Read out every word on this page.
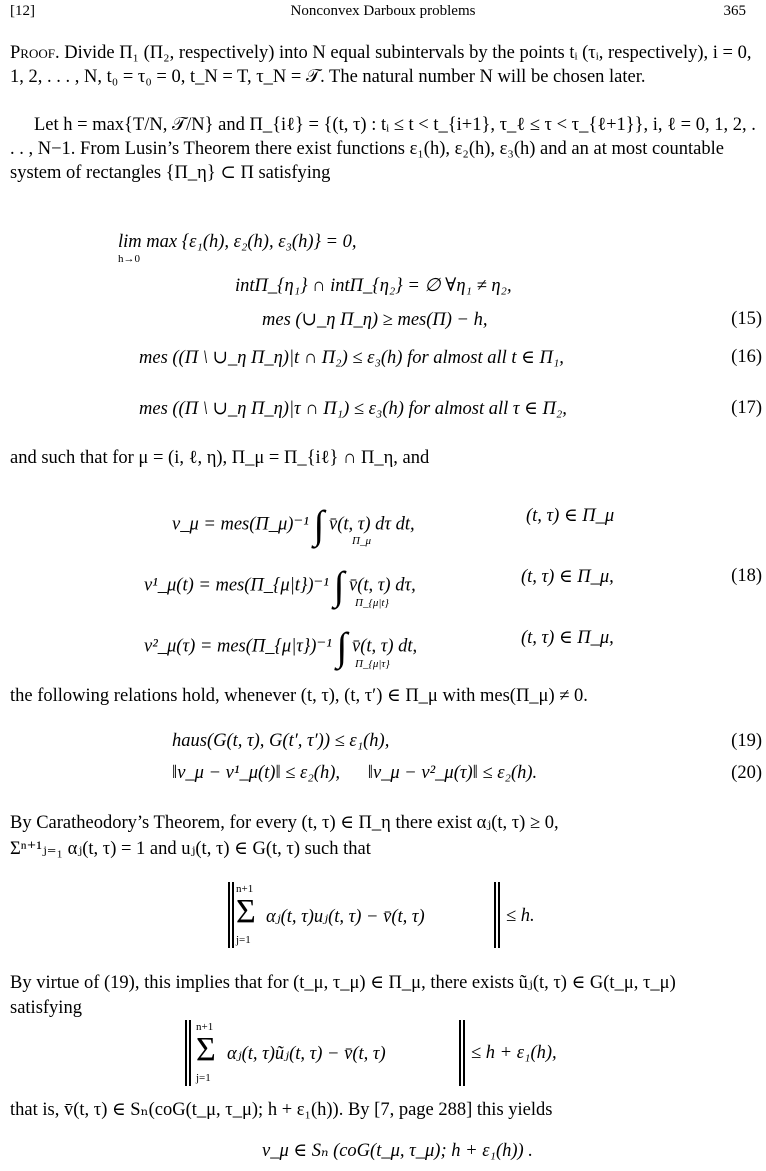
[12]	Nonconvex Darboux problems	365
Proof. Divide Π₁ (Π₂, respectively) into N equal subintervals by the points tᵢ (τᵢ, respectively), i = 0, 1, 2, . . . , N, t₀ = τ₀ = 0, t_N = T, τ_N = 𝒯. The natural number N will be chosen later.
Let h = max{T/N, 𝒯/N} and Π_{iℓ} = {(t, τ) : tᵢ ≤ t < t_{i+1}, τ_ℓ ≤ τ < τ_{ℓ+1}}, i, ℓ = 0, 1, 2, . . . , N−1. From Lusin’s Theorem there exist functions ε₁(h), ε₂(h), ε₃(h) and an at most countable system of rectangles {Π_η} ⊂ Π satisfying
lim max {ε₁(h), ε₂(h), ε₃(h)} = 0,
h→0
intΠ_{η₁} ∩ intΠ_{η₂} = ∅ ∀η₁ ≠ η₂,
mes (∪_η Π_η) ≥ mes(Π) − h,	(15)
mes ((Π \ ∪_η Π_η)|t ∩ Π₂) ≤ ε₃(h) for almost all t ∈ Π₁,	(16)
mes ((Π \ ∪_η Π_η)|τ ∩ Π₁) ≤ ε₃(h) for almost all τ ∈ Π₂,	(17)
and such that for μ = (i, ℓ, η), Π_μ = Π_{iℓ} ∩ Π_η, and
v_μ = mes(Π_μ)⁻¹ ∫ v̄(t, τ) dτ dt,
Π_μ
(t, τ) ∈ Π_μ
v¹_μ(t) = mes(Π_{μ|t})⁻¹ ∫ v̄(t, τ) dτ,
Π_{μ|t}
(t, τ) ∈ Π_μ,	(18)
v²_μ(τ) = mes(Π_{μ|τ})⁻¹ ∫ v̄(t, τ) dt,
Π_{μ|τ}
(t, τ) ∈ Π_μ,
the following relations hold, whenever (t, τ), (t, τ′) ∈ Π_μ with mes(Π_μ) ≠ 0.
haus(G(t, τ), G(t′, τ′)) ≤ ε₁(h),	(19)
‖v_μ − v¹_μ(t)‖ ≤ ε₂(h), ‖v_μ − v²_μ(τ)‖ ≤ ε₂(h).	(20)
By Caratheodory’s Theorem, for every (t, τ) ∈ Π_η there exist αⱼ(t, τ) ≥ 0,
Σⁿ⁺¹ⱼ₌₁ αⱼ(t, τ) = 1 and uⱼ(t, τ) ∈ G(t, τ) such that
n+1
Σ
j=1
αⱼ(t, τ)uⱼ(t, τ) − v̄(t, τ)	≤ h.
By virtue of (19), this implies that for (t_μ, τ_μ) ∈ Π_μ, there exists ũⱼ(t, τ) ∈ G(t_μ, τ_μ)
satisfying
n+1
Σ
j=1
αⱼ(t, τ)ũⱼ(t, τ) − v̄(t, τ)	≤ h + ε₁(h),
that is, v̄(t, τ) ∈ Sₙ(coG(t_μ, τ_μ); h + ε₁(h)). By [7, page 288] this yields
v_μ ∈ Sₙ (coG(t_μ, τ_μ); h + ε₁(h)) .
